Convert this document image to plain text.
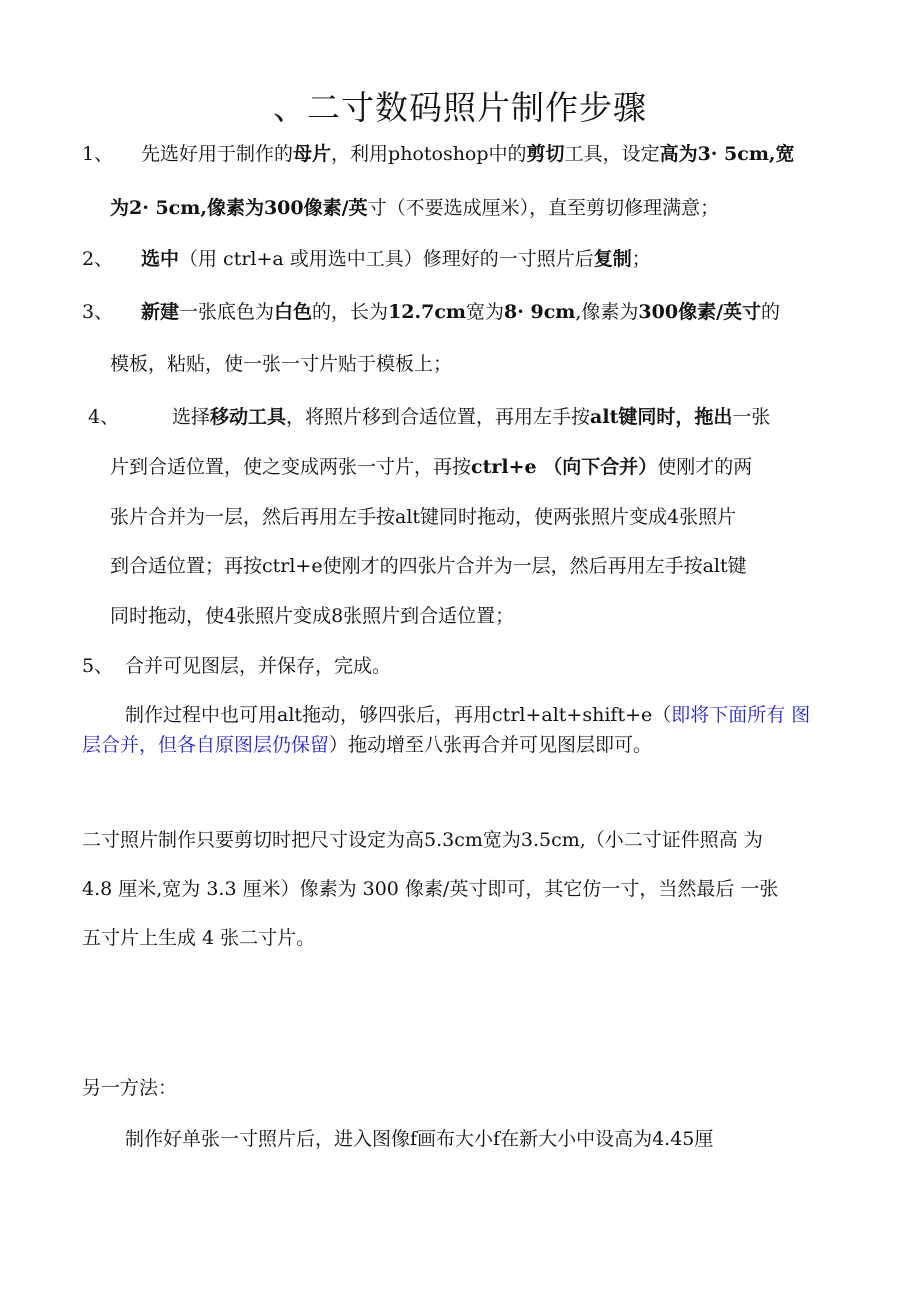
、二寸数码照片制作步骤
1、 先选好用于制作的母片，利用photoshop中的剪切工具，设定高为3· 5cm,宽
为2· 5cm,像素为300像素/英寸（不要选成厘米），直至剪切修理满意；
2、 选中（用 ctrl+a 或用选中工具）修理好的一寸照片后复制；
3、 新建一张底色为白色的，长为12.7cm宽为8· 9cm,像素为300像素/英寸的
模板，粘贴，使一张一寸片贴于模板上；
4、	选择移动工具，将照片移到合适位置，再用左手按alt键同时，拖出一张
片到合适位置，使之变成两张一寸片，再按ctrl+e （向下合并）使刚才的两
张片合并为一层，然后再用左手按alt键同时拖动，使两张照片变成4张照片
到合适位置；再按ctrl+e使刚才的四张片合并为一层，然后再用左手按alt键
同时拖动，使4张照片变成8张照片到合适位置；
5、 合并可见图层，并保存，完成。
制作过程中也可用alt拖动，够四张后，再用ctrl+alt+shift+e（即将下面所有 图
层合并，但各自原图层仍保留）拖动增至八张再合并可见图层即可。
二寸照片制作只要剪切时把尺寸设定为高5.3cm宽为3.5cm,（小二寸证件照高 为
4.8 厘米,宽为 3.3 厘米）像素为 300 像素/英寸即可，其它仿一寸，当然最后 一张
五寸片上生成 4 张二寸片。
另一方法：
制作好单张一寸照片后，进入图像f画布大小f在新大小中设高为4.45厘
